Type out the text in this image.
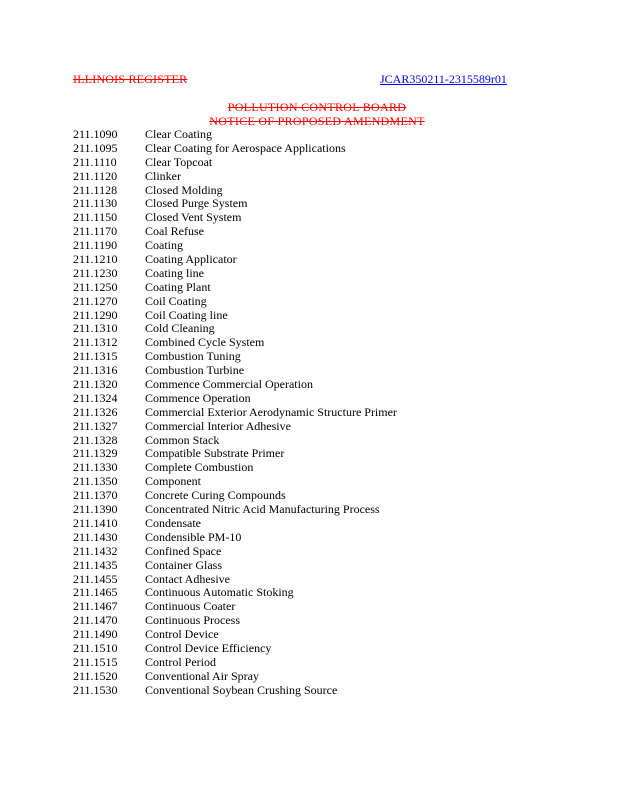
ILLINOIS REGISTER	JCAR350211-2315589r01
POLLUTION CONTROL BOARD
NOTICE OF PROPOSED AMENDMENT
211.1090	Clear Coating
211.1095	Clear Coating for Aerospace Applications
211.1110	Clear Topcoat
211.1120	Clinker
211.1128	Closed Molding
211.1130	Closed Purge System
211.1150	Closed Vent System
211.1170	Coal Refuse
211.1190	Coating
211.1210	Coating Applicator
211.1230	Coating line
211.1250	Coating Plant
211.1270	Coil Coating
211.1290	Coil Coating line
211.1310	Cold Cleaning
211.1312	Combined Cycle System
211.1315	Combustion Tuning
211.1316	Combustion Turbine
211.1320	Commence Commercial Operation
211.1324	Commence Operation
211.1326	Commercial Exterior Aerodynamic Structure Primer
211.1327	Commercial Interior Adhesive
211.1328	Common Stack
211.1329	Compatible Substrate Primer
211.1330	Complete Combustion
211.1350	Component
211.1370	Concrete Curing Compounds
211.1390	Concentrated Nitric Acid Manufacturing Process
211.1410	Condensate
211.1430	Condensible PM-10
211.1432	Confined Space
211.1435	Container Glass
211.1455	Contact Adhesive
211.1465	Continuous Automatic Stoking
211.1467	Continuous Coater
211.1470	Continuous Process
211.1490	Control Device
211.1510	Control Device Efficiency
211.1515	Control Period
211.1520	Conventional Air Spray
211.1530	Conventional Soybean Crushing Source
